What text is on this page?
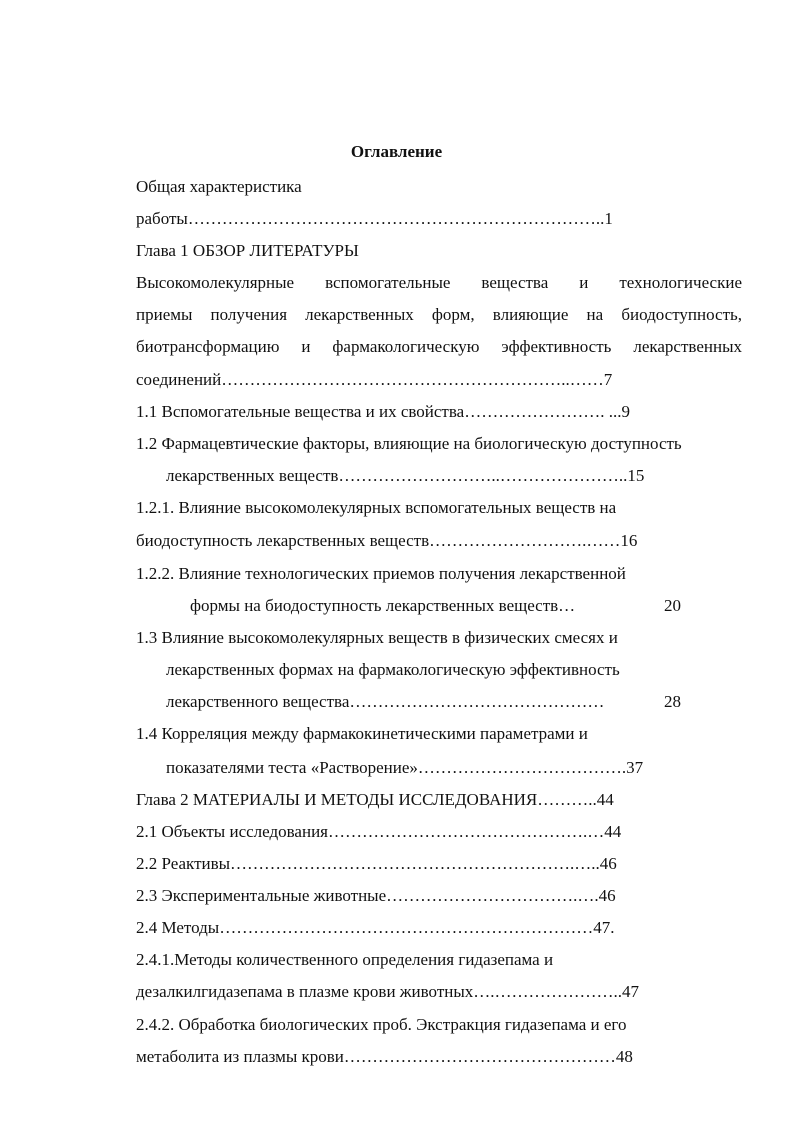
Оглавление
Общая характеристика
работы………………………………………………………………..1
Глава 1 ОБЗОР ЛИТЕРАТУРЫ
Высокомолекулярные вспомогательные вещества и технологические
приемы получения лекарственных форм, влияющие на биодоступность,
биотрансформацию и фармакологическую эффективность лекарственных
соединений……………………………………………………..……7
1.1 Вспомогательные вещества и их свойства……………………. ...9
1.2 Фармацевтические факторы, влияющие на биологическую доступность
лекарственных веществ………………………..…………………..15
1.2.1. Влияние высокомолекулярных вспомогательных веществ на
биодоступность лекарственных веществ……………………….……16
1.2.2. Влияние технологических приемов получения лекарственной
формы на биодоступность лекарственных веществ…	20
1.3 Влияние высокомолекулярных веществ в физических смесях и
лекарственных формах на фармакологическую эффективность
лекарственного вещества………………………………………	28
1.4 Корреляция между фармакокинетическими параметрами и
показателями теста «Растворение»……………………………….37
Глава 2 МАТЕРИАЛЫ И МЕТОДЫ ИССЛЕДОВАНИЯ………..44
2.1 Объекты исследования……………………………………….…44
2.2 Реактивы…………………………………………………….…..46
2.3 Экспериментальные животные…………………………….….46
2.4 Методы…………………………………………………………47.
2.4.1.Методы количественного определения гидазепама и
дезалкилгидазепама в плазме крови животных….…………………..47
2.4.2. Обработка биологических проб. Экстракция гидазепама и его
метаболита из плазмы крови…………………………………………48
